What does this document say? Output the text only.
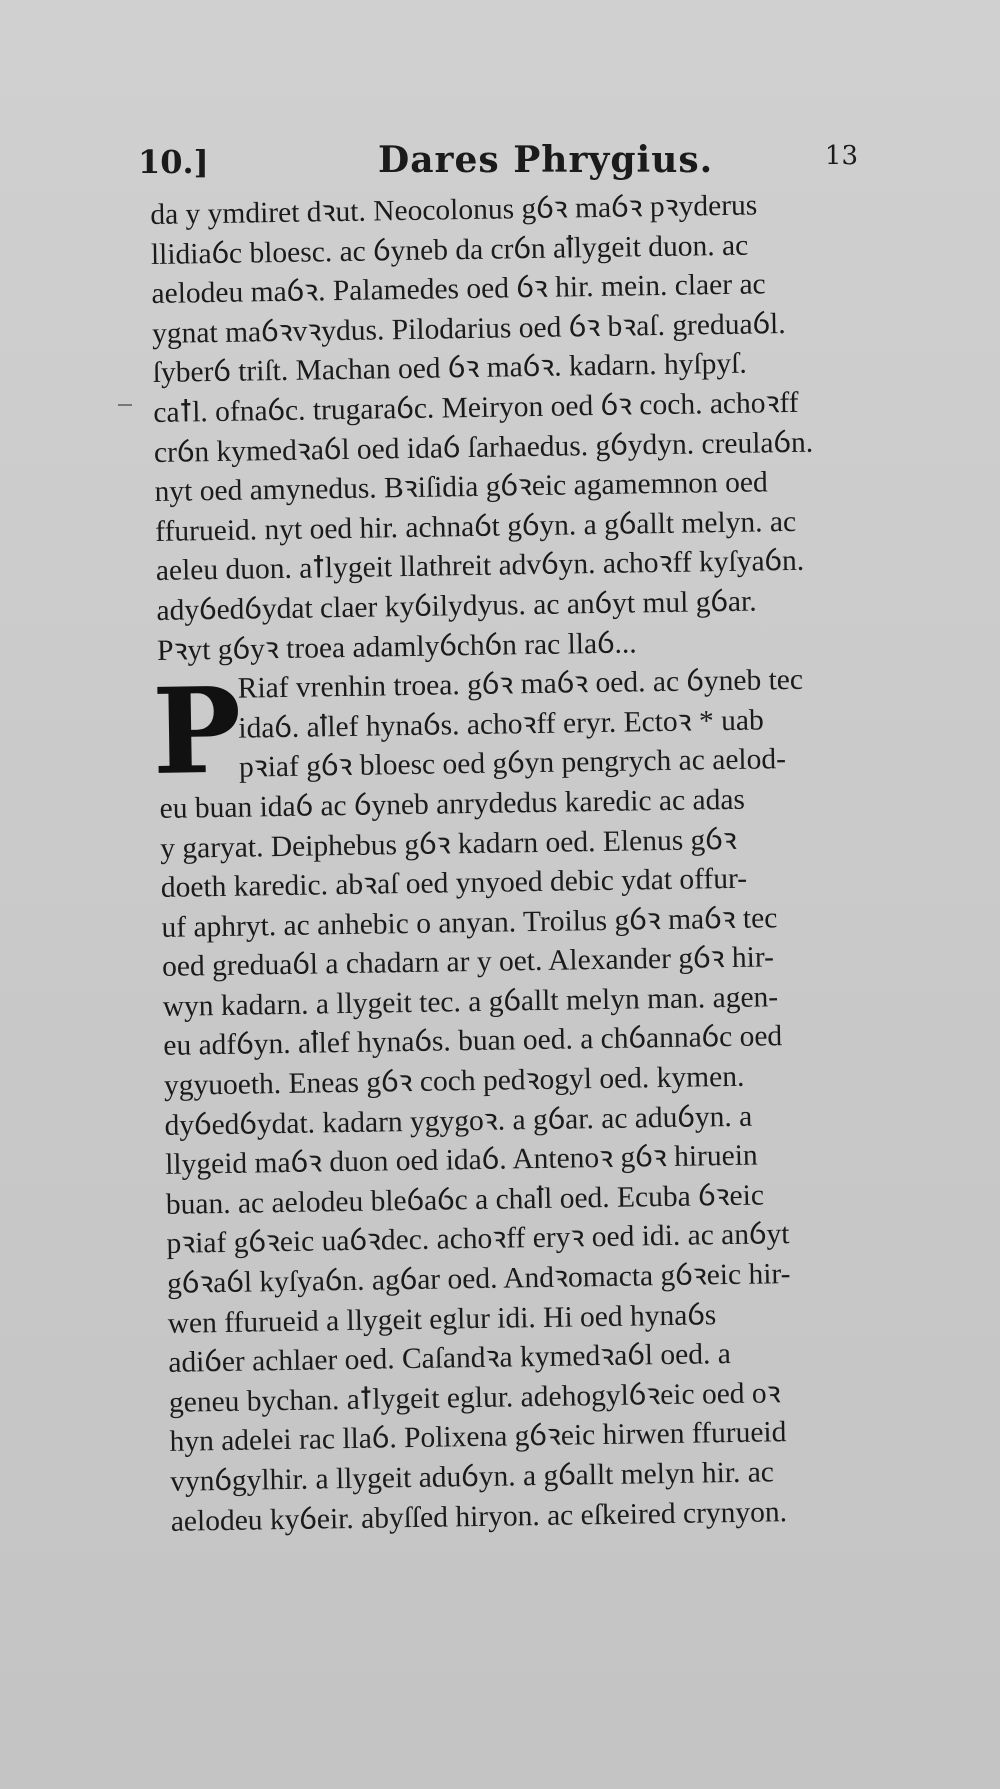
10.]	Dares Phrygius.	13
da y ymdiret dꝛut. Neocolonus gỽꝛ maỽꝛ pꝛyderus
llidiaỽc bloesc. ac ỽyneb da crỽn aꝉlygeit duon. ac
aelodeu maỽꝛ. Palamedes oed ỽꝛ hir. mein. claer ac
ygnat maỽꝛvꝛydus. Pilodarius oed ỽꝛ bꝛaſ. greduaỽl.
ſyberỽ triſt. Machan oed ỽꝛ maỽꝛ. kadarn. hyſpyſ.
caꝉl. ofnaỽc. trugaraỽc. Meiryon oed ỽꝛ coch. achoꝛff
crỽn kymedꝛaỽl oed idaỽ ſarhaedus. gỽydyn. creulaỽn.
nyt oed amynedus. Bꝛiſidia gỽꝛeic agamemnon oed
ffurueid. nyt oed hir. achnaỽt gỽyn. a gỽallt melyn. ac
aeleu duon. aꝉlygeit llathreit advỽyn. achoꝛff kyſyaỽn.
adyỽedỽydat claer kyỽilydyus. ac anỽyt mul gỽar.
Pꝛyt gỽyꝛ troea adamlyỽchỽn rac llaỽ...
P
Riaf vrenhin troea. gỽꝛ maỽꝛ oed. ac ỽyneb tec
idaỽ. aꝉlef hynaỽs. achoꝛff eryr. Ectoꝛ * uab
pꝛiaf gỽꝛ bloesc oed gỽyn pengrych ac aelod-
eu buan idaỽ ac ỽyneb anrydedus karedic ac adas
y garyat. Deiphebus gỽꝛ kadarn oed. Elenus gỽꝛ
doeth karedic. abꝛaſ oed ynyoed debic ydat offur-
uf aphryt. ac anhebic o anyan. Troilus gỽꝛ maỽꝛ tec
oed greduaỽl a chadarn ar y oet. Alexander gỽꝛ hir-
wyn kadarn. a llygeit tec. a gỽallt melyn man. agen-
eu adfỽyn. aꝉlef hynaỽs. buan oed. a chỽannaỽc oed
ygyuoeth. Eneas gỽꝛ coch pedꝛogyl oed. kymen.
dyỽedỽydat. kadarn ygygoꝛ. a gỽar. ac aduỽyn. a
llygeid maỽꝛ duon oed idaỽ. Antenoꝛ gỽꝛ hiruein
buan. ac aelodeu bleỽaỽc a chaꝉl oed. Ecuba ỽꝛeic
pꝛiaf gỽꝛeic uaỽꝛdec. achoꝛff eryꝛ oed idi. ac anỽyt
gỽꝛaỽl kyſyaỽn. agỽar oed. Andꝛomacta gỽꝛeic hir-
wen ffurueid a llygeit eglur idi. Hi oed hynaỽs
adiỽer achlaer oed. Caſandꝛa kymedꝛaỽl oed. a
geneu bychan. aꝉlygeit eglur. adehogylỽꝛeic oed oꝛ
hyn adelei rac llaỽ. Polixena gỽꝛeic hirwen ffurueid
vynỽgylhir. a llygeit aduỽyn. a gỽallt melyn hir. ac
aelodeu kyỽeir. abyſſed hiryon. ac eſkeired crynyon.
